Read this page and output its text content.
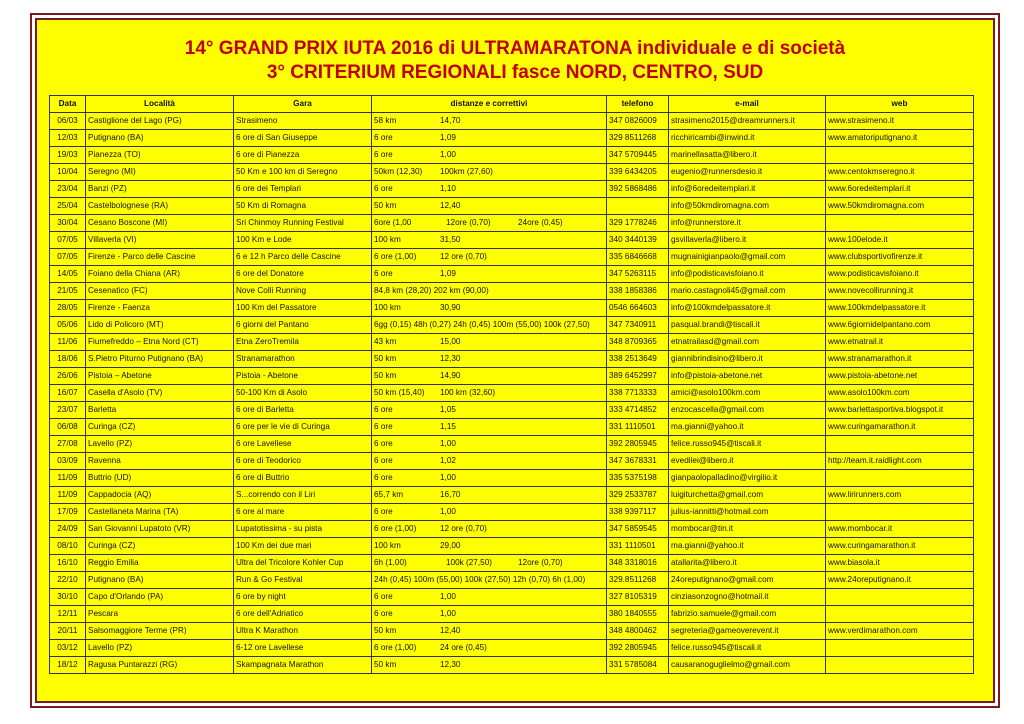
14° GRAND PRIX IUTA 2016 di ULTRAMARATONA individuale e di società
3° CRITERIUM REGIONALI fasce NORD, CENTRO, SUD
Data	Località	Gara	distanze e correttivi	telefono	e-mail	web
06/03	Castiglione del Lago (PG)	Strasimeno	58 km 14,70	347 0826009	strasimeno2015@dreamrunners.it	www.strasimeno.it
12/03	Putignano (BA)	6 ore di San Giuseppe	6 ore 1,09	329 8511268	ricchiricambi@inwind.it	www.amatoriputignano.it
19/03	Pianezza (TO)	6 ore di Pianezza	6 ore 1,00	347 5709445	marinellasatta@libero.it	
10/04	Seregno (MI)	50 Km e 100 km di Seregno	50km (12,30) 100km (27,60)	339 6434205	eugenio@runnersdesio.it	www.centokmseregno.it
23/04	Banzi (PZ)	6 ore dei Templari	6 ore 1,10	392 5868486	info@6oredeitemplari.it	www.6oredeitemplari.it
25/04	Castelbolognese (RA)	50 Km di Romagna	50 km 12,40		info@50kmdiromagna.com	www.50kmdiromagna.com
30/04	Cesano Boscone (MI)	Sri Chinmoy Running Festival	6ore (1,00 12ore (0,70) 24ore (0,45)	329 1778246	info@runnerstore.it	
07/05	Villaverla (VI)	100 Km e Lode	100 km 31,50	340 3440139	gsvillaverla@libero.it	www.100elode.it
07/05	Firenze - Parco delle Cascine	6 e 12 h Parco delle Cascine	6 ore (1,00) 12 ore (0,70)	335 6846668	mugnainigianpaolo@gmail.com	www.clubsportivofirenze.it
14/05	Foiano della Chiana (AR)	6 ore del Donatore	6 ore 1,09	347 5263115	info@podisticavisfoiano.it	www.podisticavisfoiano.it
21/05	Cesenatico (FC)	Nove Colli Running	84,8 km (28,20) 202 km (90,00)	338 1858386	mario.castagnoli45@gmail.com	www.novecollirunning.it
28/05	Firenze - Faenza	100 Km del Passatore	100 km 30,90	0546 664603	info@100kmdelpassatore.it	www.100kmdelpassatore.it
05/06	Lido di Policoro (MT)	6 giorni del Pantano	6gg (0,15) 48h (0,27) 24h (0,45) 100m (55,00) 100k (27,50)	347 7340911	pasqual.brandi@tiscali.it	www.6giornidelpantano.com
11/06	Fiumefreddo – Etna Nord (CT)	Etna ZeroTremila	43 km 15,00	348 8709365	etnatrailasd@gmail.com	www.etnatrail.it
18/06	S.Pietro Piturno Putignano (BA)	Stranamarathon	50 km 12,30	338 2513649	giannibrindisino@libero.it	www.stranamarathon.it
26/06	Pistoia – Abetone	Pistoia - Abetone	50 km 14,90	389 6452997	info@pistoia-abetone.net	www.pistoia-abetone.net
16/07	Casella d'Asolo (TV)	50-100 Km di Asolo	50 km (15,40) 100 km (32,60)	338 7713333	amici@asolo100km.com	www.asolo100km.com
23/07	Barletta	6 ore di Barletta	6 ore 1,05	333 4714852	enzocascella@gmail.com	www.barlettasportiva.blogspot.it
06/08	Curinga (CZ)	6 ore per le vie di Curinga	6 ore 1,15	331 1110501	ma.gianni@yahoo.it	www.curingamarathon.it
27/08	Lavello (PZ)	6 ore Lavellese	6 ore 1,00	392 2805945	felice.russo945@tiscali.it	
03/09	Ravenna	6 ore di Teodorico	6 ore 1,02	347 3678331	evedilei@libero.it	http://team.it.raidlight.com
11/09	Buttrio (UD)	6 ore di Buttrio	6 ore 1,00	335 5375198	gianpaolopalladino@virgilio.it	
11/09	Cappadocia (AQ)	S...correndo con il Liri	65,7 km 16,70	329 2533787	luigiturchetta@gmail.com	www.lirirunners.com
17/09	Castellaneta Marina (TA)	6 ore al mare	6 ore 1,00	338 9397117	julius-iannitti@hotmail.com	
24/09	San Giovanni Lupatoto (VR)	Lupatotissima - su pista	6 ore (1,00) 12 ore (0,70)	347 5859545	mombocar@tin.it	www.mombocar.it
08/10	Curinga (CZ)	100 Km dei due mari	100 km 29,00	331 1110501	ma.gianni@yahoo.it	www.curingamarathon.it
16/10	Reggio Emilia	Ultra del Tricolore Kohler Cup	6h (1,00) 100k (27,50) 12ore (0,70)	348 3318016	atallarita@libero.it	www.biasola.it
22/10	Putignano (BA)	Run & Go Festival	24h (0,45) 100m (55,00) 100k (27,50) 12h (0,70) 6h (1,00)	329.8511268	24oreputignano@gmail.com	www.24oreputignano.it
30/10	Capo d'Orlando (PA)	6 ore by night	6 ore 1,00	327 8105319	cinziasonzogno@hotmail.it	
12/11	Pescara	6 ore dell'Adriatico	6 ore 1,00	380 1840555	fabrizio.samuele@gmail.com	
20/11	Salsomaggiore Terme (PR)	Ultra K Marathon	50 km 12,40	348 4800462	segreteria@gameoverevent.it	www.verdimarathon.com
03/12	Lavello (PZ)	6-12 ore Lavellese	6 ore (1,00) 24 ore (0,45)	392 2805945	felice.russo945@tiscali.it	
18/12	Ragusa Puntarazzi (RG)	Skampagnata Marathon	50 km 12,30	331 5785084	causaranoguglielmo@gmail.com	
